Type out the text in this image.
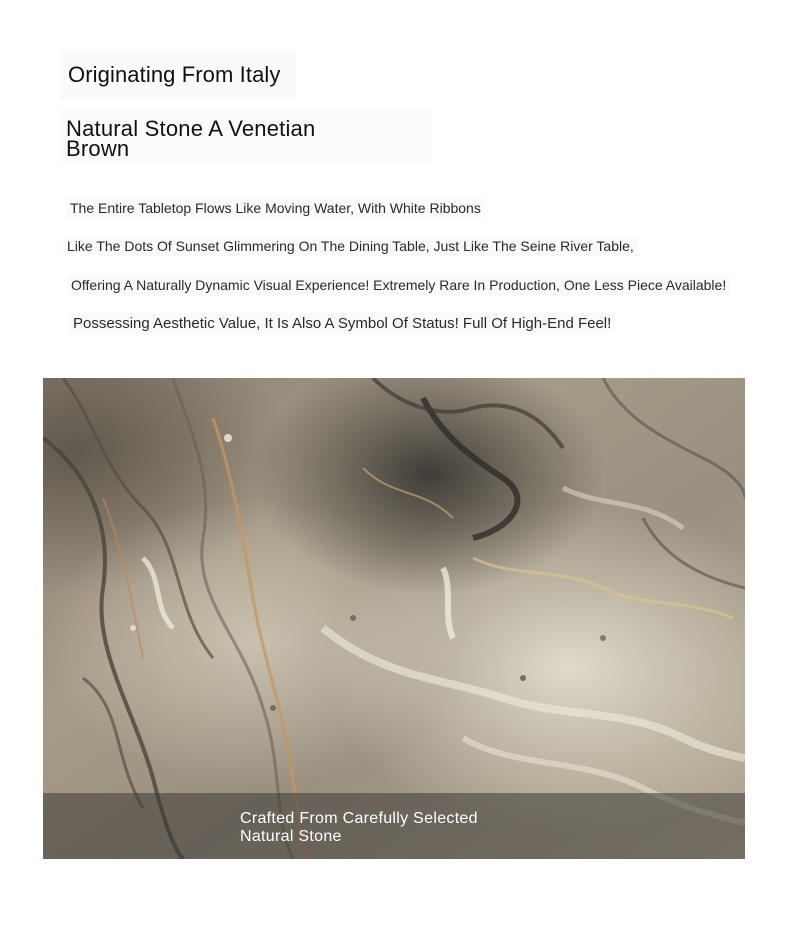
Originating From Italy
Natural Stone A Venetian Brown

The Entire Tabletop Flows Like Moving Water, With White Ribbons

Like The Dots Of Sunset Glimmering On The Dining Table, Just Like The Seine River Table,

Offering A Naturally Dynamic Visual Experience! Extremely Rare In Production, One Less Piece Available!

Possessing Aesthetic Value, It Is Also A Symbol Of Status! Full Of High-End Feel!

Crafted From Carefully Selected Natural Stone
